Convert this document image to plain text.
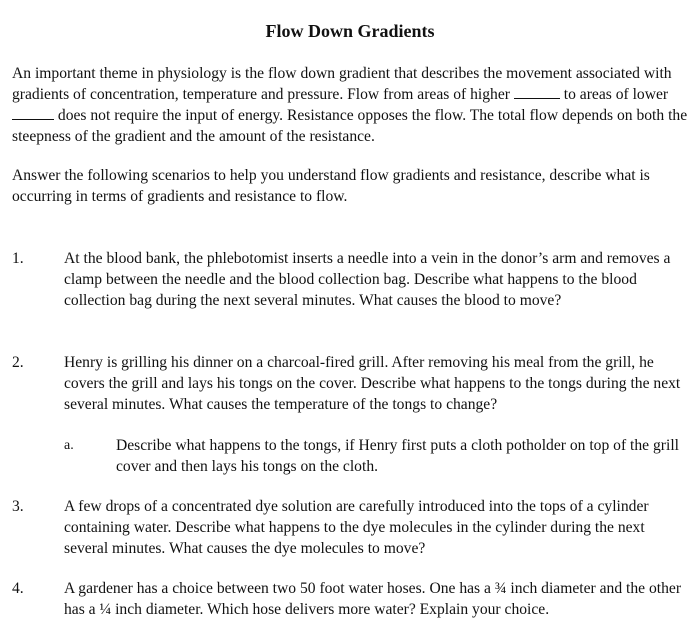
Flow Down Gradients

An important theme in physiology is the flow down gradient that describes the movement associated with gradients of concentration, temperature and pressure. Flow from areas of higher	to areas of lower  does not require the input of energy. Resistance opposes the flow. The total flow depends on both the steepness of the gradient and the amount of the resistance.

Answer the following scenarios to help you understand flow gradients and resistance, describe what is occurring in terms of gradients and resistance to flow.

1.	At the blood bank, the phlebotomist inserts a needle into a vein in the donor’s arm and removes a clamp between the needle and the blood collection bag. Describe what happens to the blood collection bag during the next several minutes. What causes the blood to move?
2.	Henry is grilling his dinner on a charcoal-fired grill. After removing his meal from the grill, he covers the grill and lays his tongs on the cover. Describe what happens to the tongs during the next several minutes. What causes the temperature of the tongs to change?
a.	Describe what happens to the tongs, if Henry first puts a cloth potholder on top of the grill cover and then lays his tongs on the cloth.
3.	A few drops of a concentrated dye solution are carefully introduced into the tops of a cylinder containing water. Describe what happens to the dye molecules in the cylinder during the next several minutes. What causes the dye molecules to move?
4.	A gardener has a choice between two 50 foot water hoses. One has a ¾ inch diameter and the other has a ¼ inch diameter. Which hose delivers more water? Explain your choice.
